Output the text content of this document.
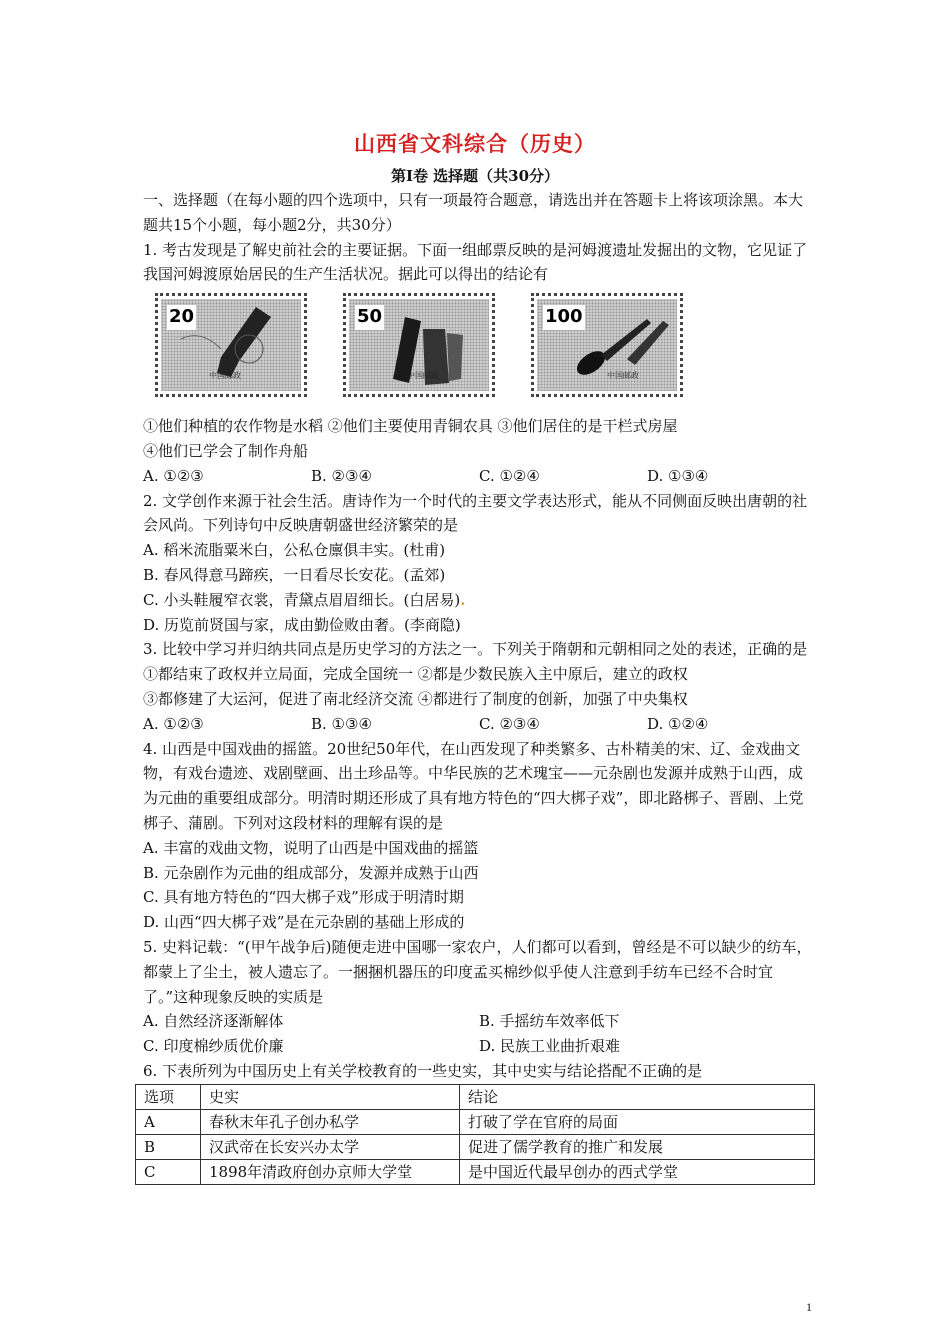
山西省文科综合（历史）
第Ⅰ卷 选择题（共30分）

一、选择题（在每小题的四个选项中，只有一项最符合题意，请选出并在答题卡上将该项涂黑。本大题共15个小题，每小题2分，共30分）

1. 考古发现是了解史前社会的主要证据。下面一组邮票反映的是河姆渡遗址发掘出的文物，它见证了我国河姆渡原始居民的生产生活状况。据此可以得出的结论有

20
中国邮政
50
中国邮政
100
中国邮政

①他们种植的农作物是水稻 ②他们主要使用青铜农具 ③他们居住的是干栏式房屋

④他们已学会了制作舟船

A. ①②③	B. ②③④	C. ①②④	D. ①③④

2. 文学创作来源于社会生活。唐诗作为一个时代的主要文学表达形式，能从不同侧面反映出唐朝的社会风尚。下列诗句中反映唐朝盛世经济繁荣的是

A. 稻米流脂粟米白，公私仓廪俱丰实。(杜甫)

B. 春风得意马蹄疾，一日看尽长安花。(孟郊)

C. 小头鞋履窄衣裳，青黛点眉眉细长。(白居易).

D. 历览前贤国与家，成由勤俭败由奢。(李商隐)

3. 比较中学习并归纳共同点是历史学习的方法之一。下列关于隋朝和元朝相同之处的表述，正确的是

①都结束了政权并立局面，完成全国统一 ②都是少数民族入主中原后，建立的政权

③都修建了大运河，促进了南北经济交流 ④都进行了制度的创新，加强了中央集权

A. ①②③	B. ①③④	C. ②③④	D. ①②④

4. 山西是中国戏曲的摇篮。20世纪50年代，在山西发现了种类繁多、古朴精美的宋、辽、金戏曲文物，有戏台遗迹、戏剧壁画、出土珍品等。中华民族的艺术瑰宝——元杂剧也发源并成熟于山西，成为元曲的重要组成部分。明清时期还形成了具有地方特色的“四大梆子戏”，即北路梆子、晋剧、上党梆子、蒲剧。下列对这段材料的理解有误的是

A. 丰富的戏曲文物，说明了山西是中国戏曲的摇篮

B. 元杂剧作为元曲的组成部分，发源并成熟于山西

C. 具有地方特色的“四大梆子戏”形成于明清时期

D. 山西“四大梆子戏”是在元杂剧的基础上形成的

5. 史料记载：“(甲午战争后)随便走进中国哪一家农户，人们都可以看到，曾经是不可以缺少的纺车，都蒙上了尘土，被人遗忘了。一捆捆机器压的印度孟买棉纱似乎使人注意到手纺车已经不合时宜了。”这种现象反映的实质是

A. 自然经济逐渐解体	B. 手摇纺车效率低下
C. 印度棉纱质优价廉	D. 民族工业曲折艰难

6. 下表所列为中国历史上有关学校教育的一些史实，其中史实与结论搭配不正确的是

选项	史实	结论
A	春秋末年孔子创办私学	打破了学在官府的局面
B	汉武帝在长安兴办太学	促进了儒学教育的推广和发展
C	1898年清政府创办京师大学堂	是中国近代最早创办的西式学堂
1
